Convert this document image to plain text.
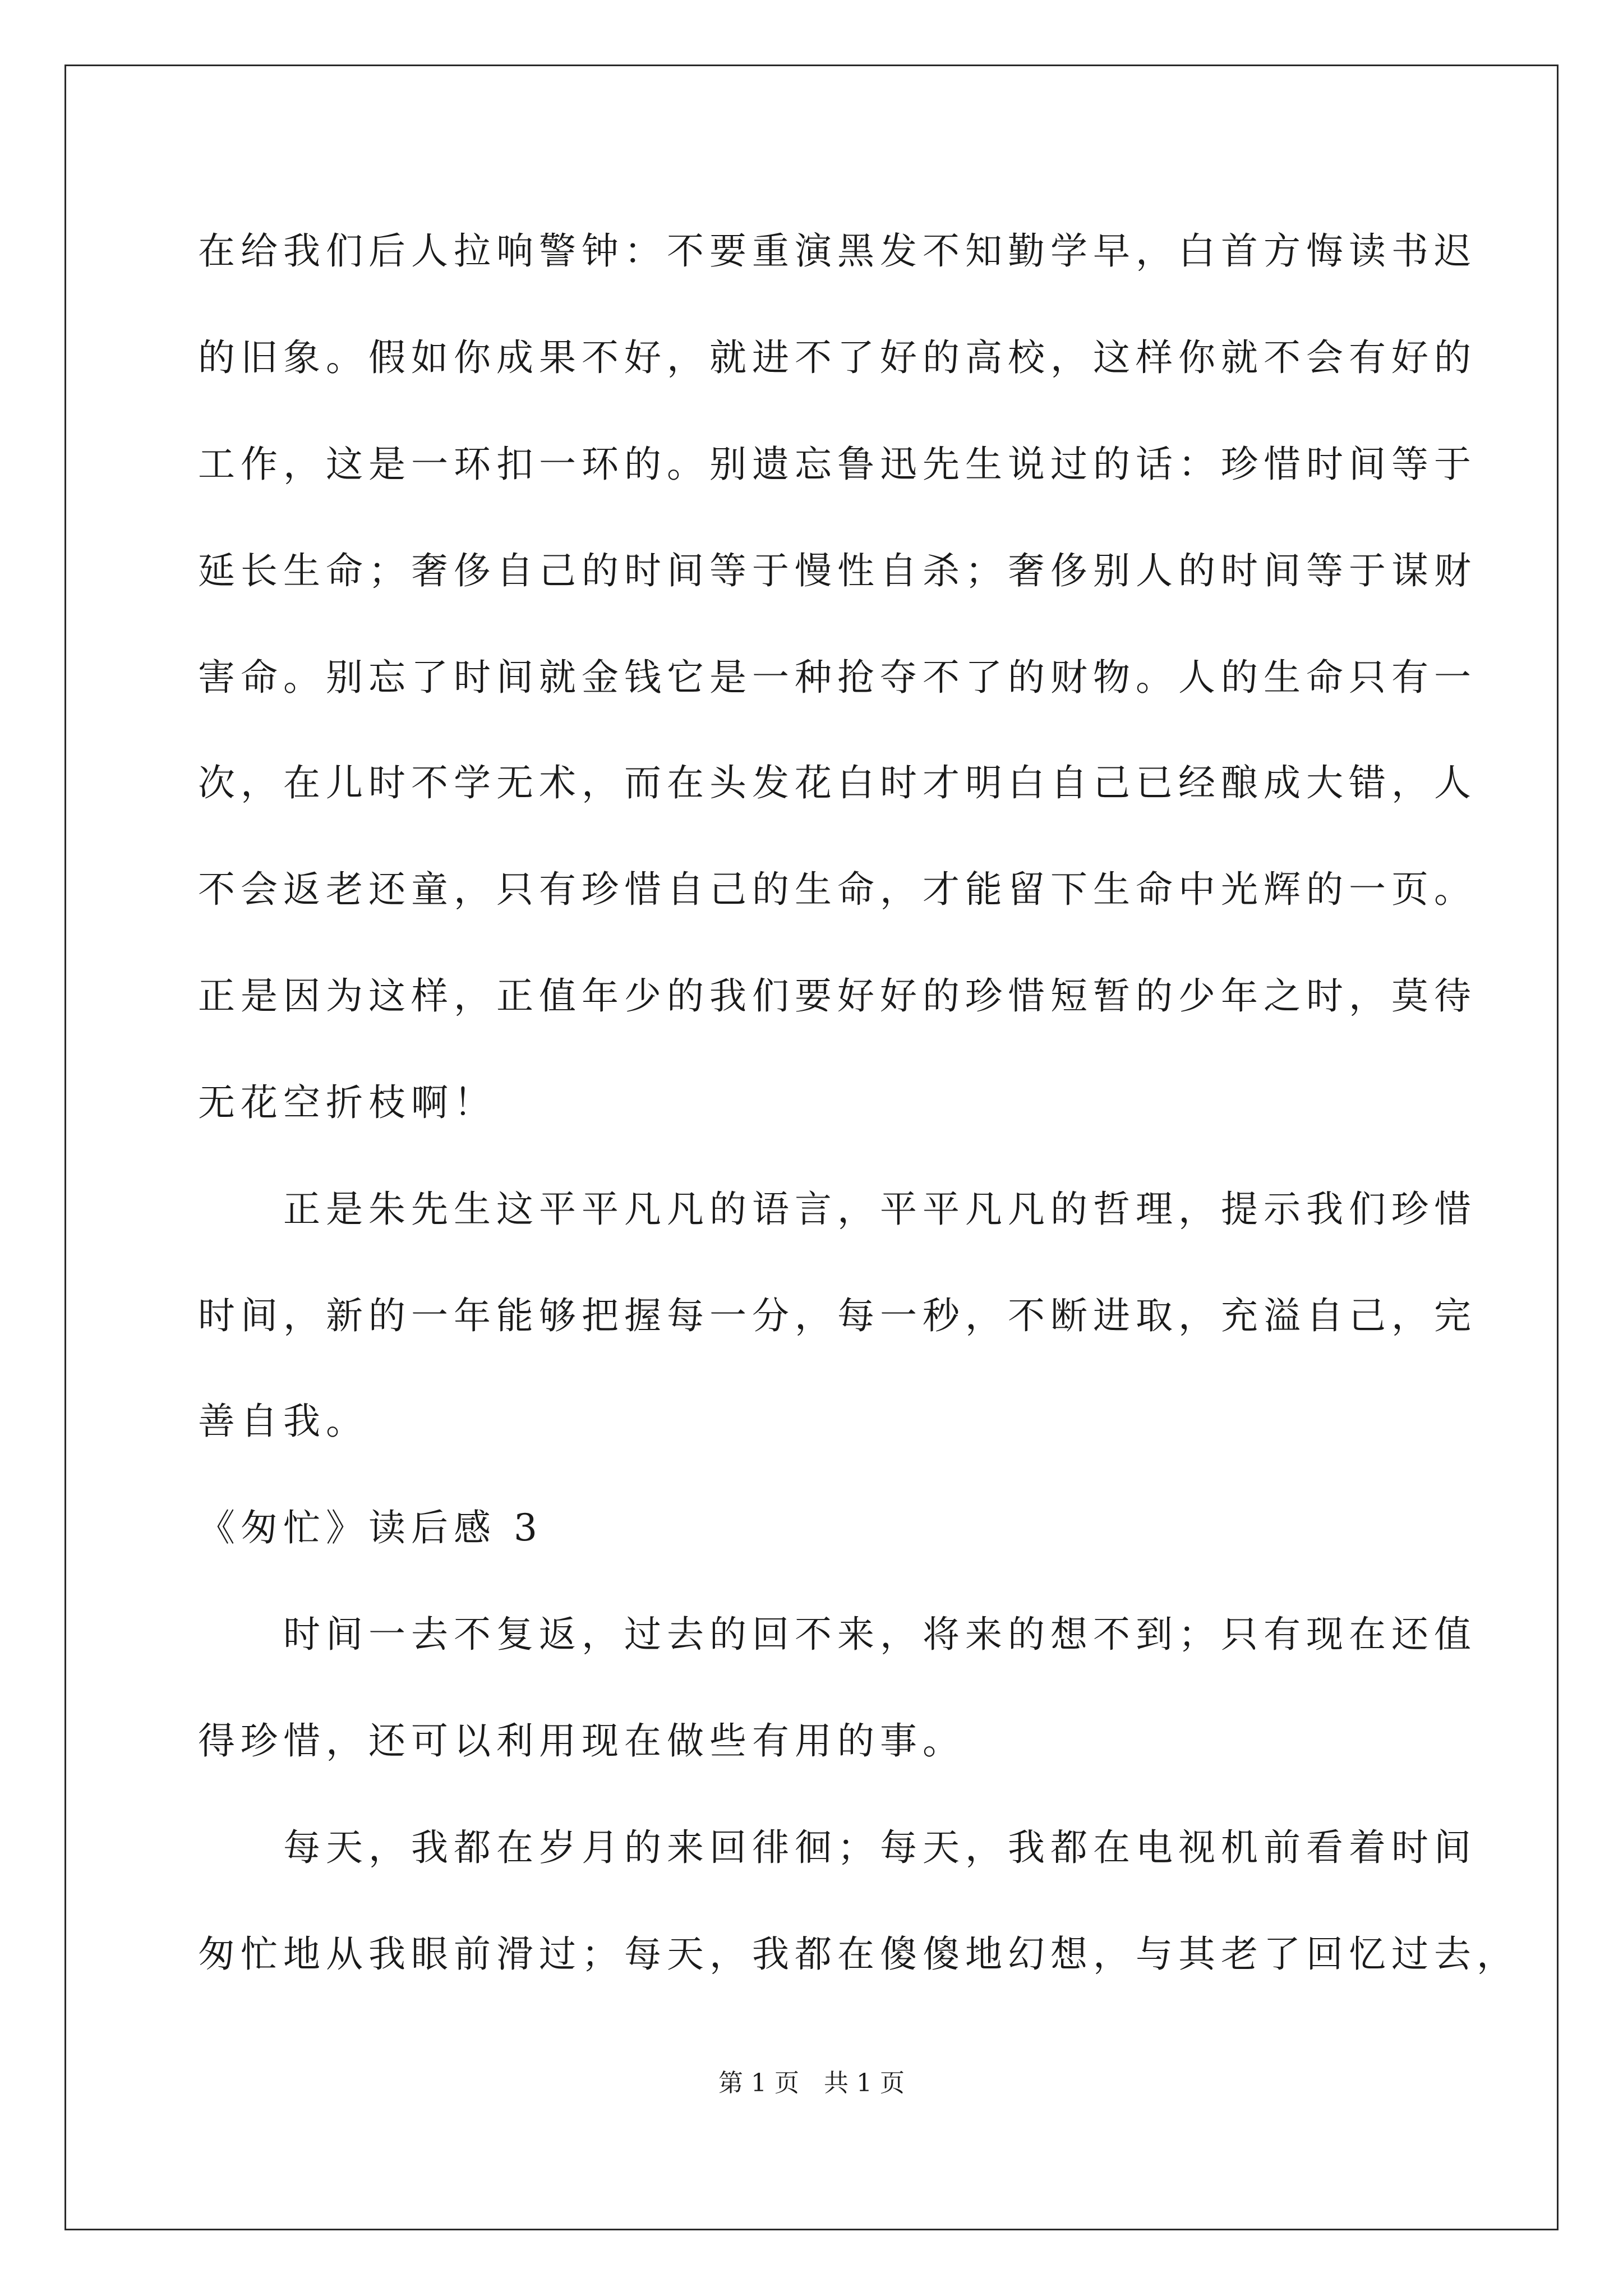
在给我们后人拉响警钟：不要重演黑发不知勤学早，白首方悔读书迟
的旧象。假如你成果不好，就进不了好的高校，这样你就不会有好的
工作，这是一环扣一环的。别遗忘鲁迅先生说过的话：珍惜时间等于
延长生命；奢侈自己的时间等于慢性自杀；奢侈别人的时间等于谋财
害命。别忘了时间就金钱它是一种抢夺不了的财物。人的生命只有一
次，在儿时不学无术，而在头发花白时才明白自己已经酿成大错，人
不会返老还童，只有珍惜自己的生命，才能留下生命中光辉的一页。
正是因为这样，正值年少的我们要好好的珍惜短暂的少年之时，莫待
无花空折枝啊！
　　正是朱先生这平平凡凡的语言，平平凡凡的哲理，提示我们珍惜
时间，新的一年能够把握每一分，每一秒，不断进取，充溢自己，完
善自我。
《匆忙》读后感 3
　　时间一去不复返，过去的回不来，将来的想不到；只有现在还值
得珍惜，还可以利用现在做些有用的事。
　　每天，我都在岁月的来回徘徊；每天，我都在电视机前看着时间
匆忙地从我眼前滑过；每天，我都在傻傻地幻想，与其老了回忆过去，
第 1 页　共 1 页
